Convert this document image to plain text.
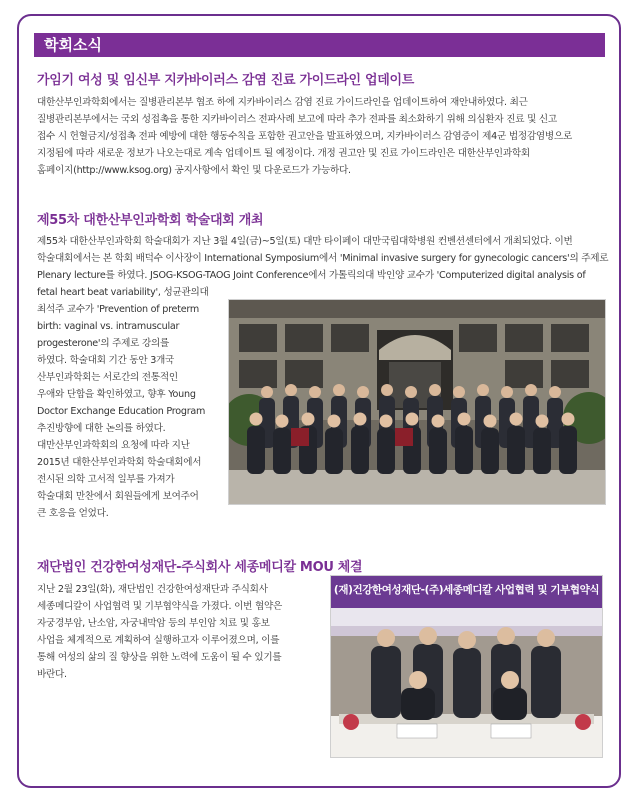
학회소식
가임기 여성 및 임신부 지카바이러스 감염 진료 가이드라인 업데이트
대한산부인과학회에서는 질병관리본부 협조 하에 지카바이러스 감염 진료 가이드라인을 업데이트하여 재안내하였다. 최근
질병관리본부에서는 국외 성접촉을 통한 지카바이러스 전파사례 보고에 따라 추가 전파를 최소화하기 위해 의심환자 진료 및 신고
접수 시 헌혈금지/성접촉 전파 예방에 대한 행동수칙을 포함한 권고안을 발표하였으며, 지카바이러스 감염증이 제4군 법정감염병으로
지정됨에 따라 새로운 정보가 나오는대로 계속 업데이트 될 예정이다. 개정 권고안 및 진료 가이드라인은 대한산부인과학회
홈페이지(http://www.ksog.org) 공지사항에서 확인 및 다운로드가 가능하다.
제55차 대한산부인과학회 학술대회 개최
제55차 대한산부인과학회 학술대회가 지난 3월 4일(금)~5일(토) 대만 타이페이 대만국립대학병원 컨벤션센터에서 개최되었다. 이번
학술대회에서는 본 학회 배덕수 이사장이 International Symposium에서 'Minimal invasive surgery for gynecologic cancers'의 주제로
Plenary lecture를 하였다. JSOG-KSOG-TAOG Joint Conference에서 가톨릭의대 박인양 교수가 'Computerized digital analysis of
fetal heart beat variability', 성균관의대
최석주 교수가 'Prevention of preterm
birth: vaginal vs. intramuscular
progesterone'의 주제로 강의를
하였다. 학술대회 기간 동안 3개국
산부인과학회는 서로간의 전통적인
우애와 단합을 확인하였고, 향후 Young
Doctor Exchange Education Program
추진방향에 대한 논의를 하였다.
대만산부인과학회의 요청에 따라 지난
2015년 대한산부인과학회 학술대회에서
전시된 의학 고서적 일부를 가져가
학술대회 만찬에서 회원들에게 보여주어
큰 호응을 얻었다.
재단법인 건강한여성재단-주식회사 세종메디칼 MOU 체결
지난 2월 23일(화), 재단법인 건강한여성재단과 주식회사
세종메디칼이 사업협력 및 기부협약식을 가졌다. 이번 협약은
자궁경부암, 난소암, 자궁내막암 등의 부인암 치료 및 홍보
사업을 체계적으로 계획하여 실행하고자 이루어졌으며, 이를
통해 여성의 삶의 질 향상을 위한 노력에 도움이 될 수 있기를
바란다.
(재)건강한여성재단-(주)세종메디칼 사업협력 및 기부협약식
